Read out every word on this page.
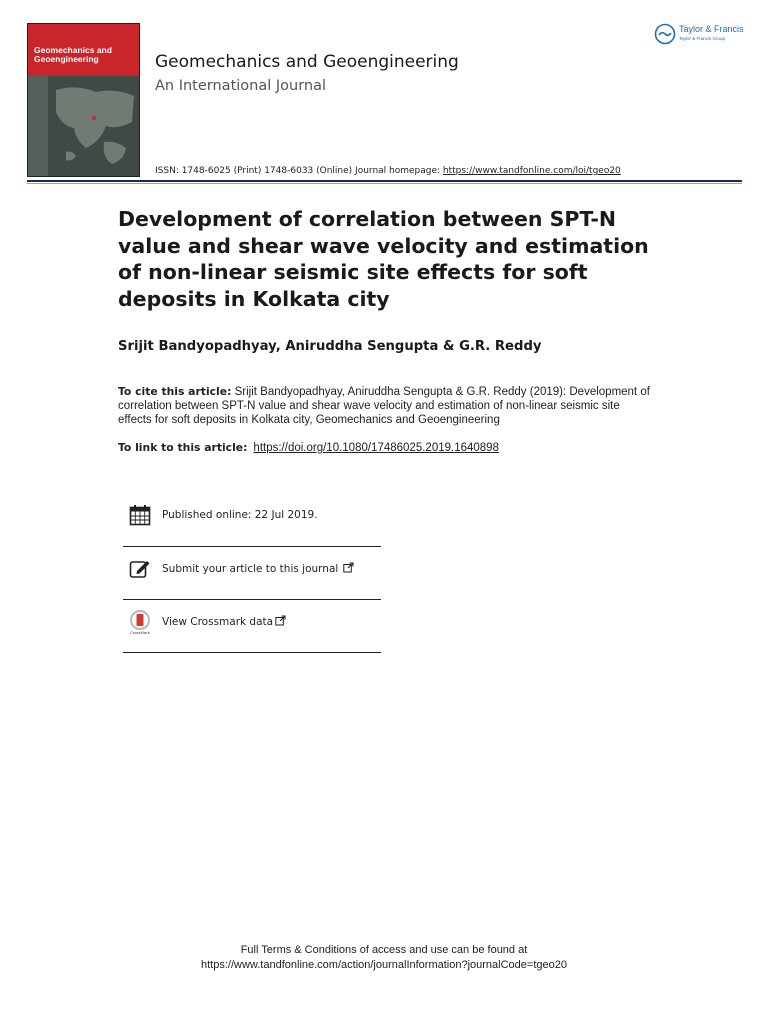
Geomechanics and
Geoengineering	Geomechanics and Geoengineering
An International Journal
Taylor & Francis
Taylor & Francis Group
ISSN: 1748-6025 (Print) 1748-6033 (Online) Journal homepage: https://www.tandfonline.com/loi/tgeo20
Development of correlation between SPT-N value and shear wave velocity and estimation of non-linear seismic site effects for soft deposits in Kolkata city
Srijit Bandyopadhyay, Aniruddha Sengupta & G.R. Reddy
To cite this article: Srijit Bandyopadhyay, Aniruddha Sengupta & G.R. Reddy (2019): Development of correlation between SPT-N value and shear wave velocity and estimation of non-linear seismic site effects for soft deposits in Kolkata city, Geomechanics and Geoengineering
To link to this article: https://doi.org/10.1080/17486025.2019.1640898
Published online: 22 Jul 2019.
Submit your article to this journal
CrossMark
View Crossmark data
Full Terms & Conditions of access and use can be found at
https://www.tandfonline.com/action/journalInformation?journalCode=tgeo20
